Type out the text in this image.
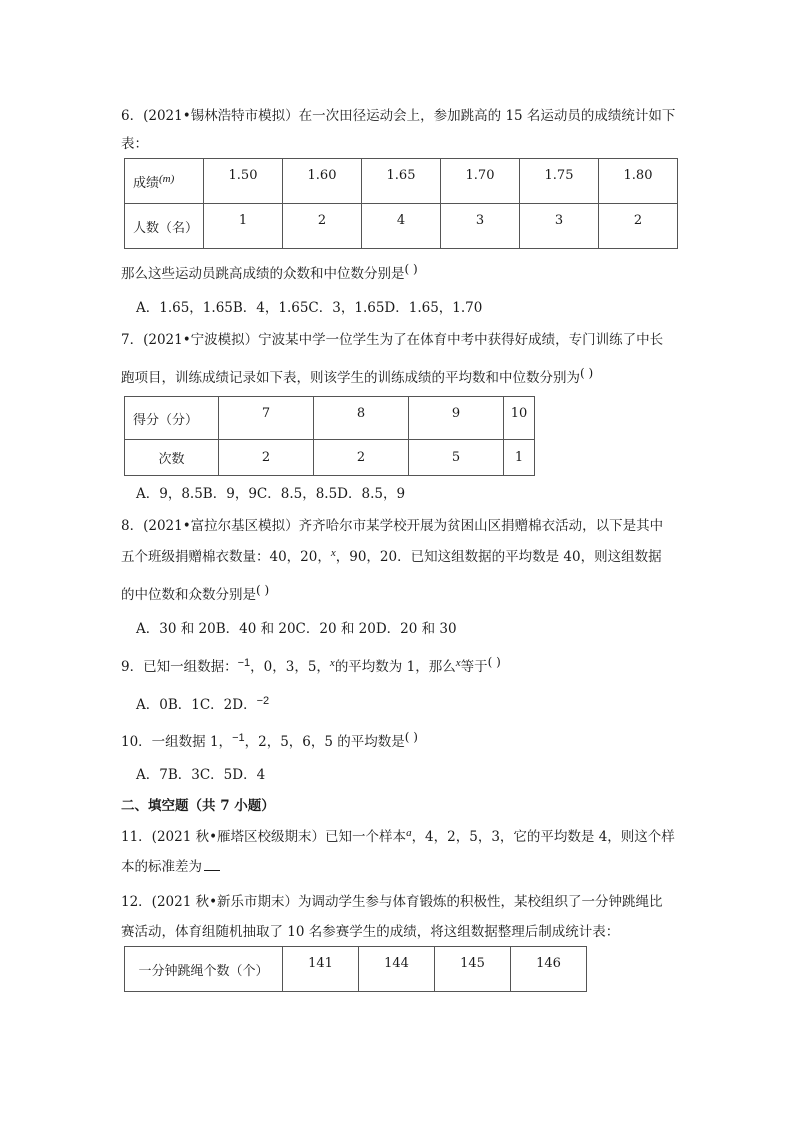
6．(2021•锡林浩特市模拟）在一次田径运动会上，参加跳高的 15 名运动员的成绩统计如下
表：
成绩$^{(m)}$	1.50	1.60	1.65	1.70	1.75	1.80

人数（名）	1	2	4	3	3	2
那么这些运动员跳高成绩的众数和中位数分别是( )
A．1.65，1.65B．4，1.65C．3，1.65D．1.65，1.70
7．(2021•宁波模拟）宁波某中学一位学生为了在体育中考中获得好成绩，专门训练了中长
跑项目，训练成绩记录如下表，则该学生的训练成绩的平均数和中位数分别为( )
得分（分）	7	8	9	10

次数	2	2	5	1
A．9，8.5B．9，9C．8.5，8.5D．8.5，9
8．(2021•富拉尔基区模拟）齐齐哈尔市某学校开展为贫困山区捐赠棉衣活动，以下是其中
五个班级捐赠棉衣数量：40，20，$^x$，90，20．已知这组数据的平均数是 40，则这组数据
的中位数和众数分别是( )
A．30 和 20B．40 和 20C．20 和 20D．20 和 30
9．已知一组数据：$^{-1}$，0，3，5，$^x$的平均数为 1，那么$^x$等于( )
A．0B．1C．2D．$^{-2}$
10．一组数据 1，$^{-1}$，2，5，6，5 的平均数是( )
A．7B．3C．5D．4
二、填空题（共 7 小题）
11．(2021 秋•雁塔区校级期末）已知一个样本$^a$，4，2，5，3，它的平均数是 4，则这个样
本的标准差为
12．(2021 秋•新乐市期末）为调动学生参与体育锻炼的积极性，某校组织了一分钟跳绳比
赛活动，体育组随机抽取了 10 名参赛学生的成绩，将这组数据整理后制成统计表：
一分钟跳绳个数（个）	141	144	145	146
